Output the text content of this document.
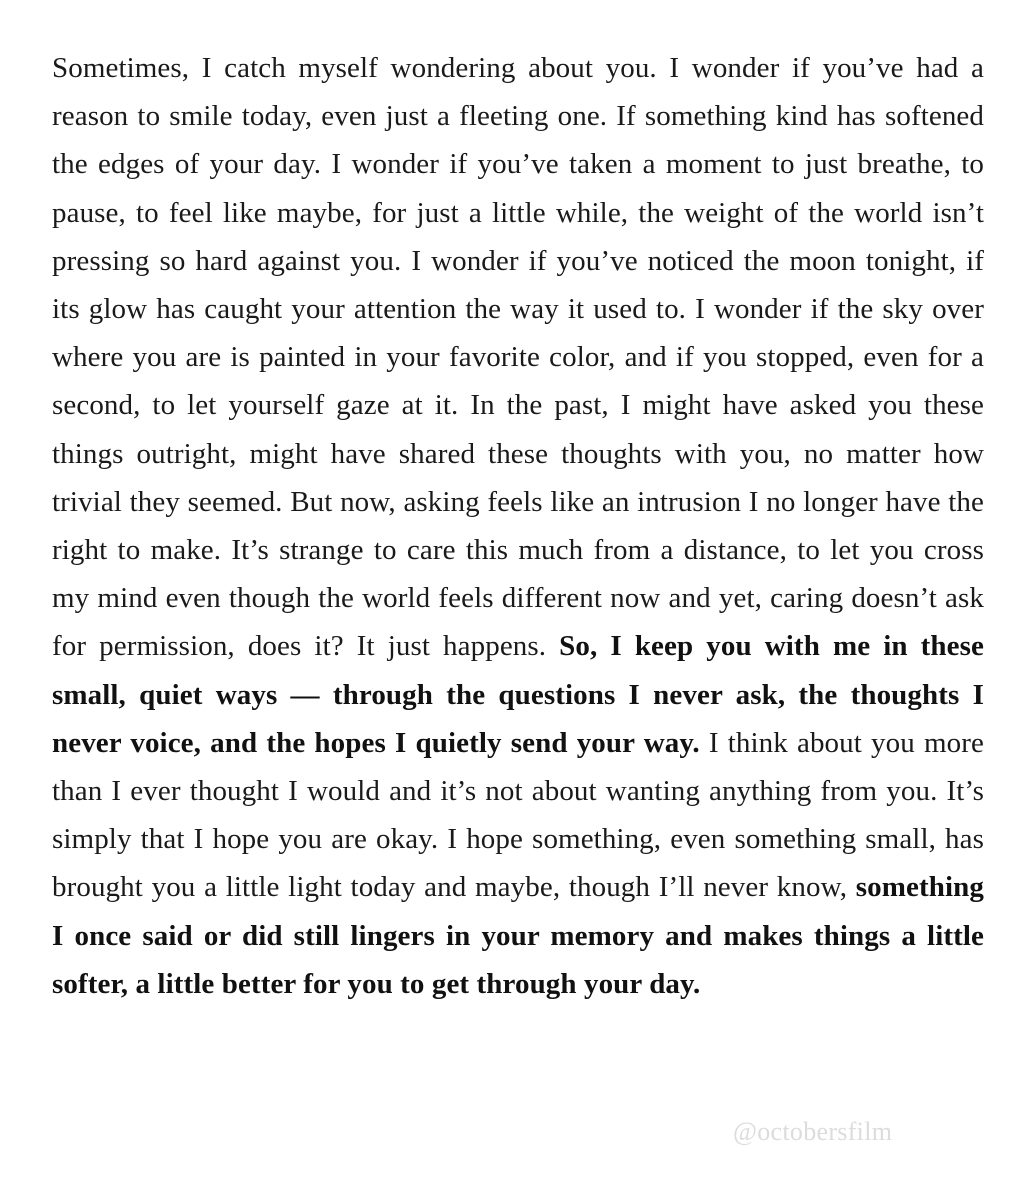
Sometimes, I catch myself wondering about you. I wonder if you’ve had a reason to smile today, even just a fleeting one. If something kind has softened the edges of your day. I wonder if you’ve taken a moment to just breathe, to pause, to feel like maybe, for just a little while, the weight of the world isn’t pressing so hard against you. I wonder if you’ve noticed the moon tonight, if its glow has caught your attention the way it used to. I wonder if the sky over where you are is painted in your favorite color, and if you stopped, even for a second, to let yourself gaze at it. In the past, I might have asked you these things outright, might have shared these thoughts with you, no matter how trivial they seemed. But now, asking feels like an intrusion I no longer have the right to make. It’s strange to care this much from a distance, to let you cross my mind even though the world feels different now and yet, caring doesn’t ask for permission, does it? It just happens. So, I keep you with me in these small, quiet ways — through the questions I never ask, the thoughts I never voice, and the hopes I quietly send your way. I think about you more than I ever thought I would and it’s not about wanting anything from you. It’s simply that I hope you are okay. I hope something, even something small, has brought you a little light today and maybe, though I’ll never know, something I once said or did still lingers in your memory and makes things a little softer, a little better for you to get through your day.

@octobersfilm
